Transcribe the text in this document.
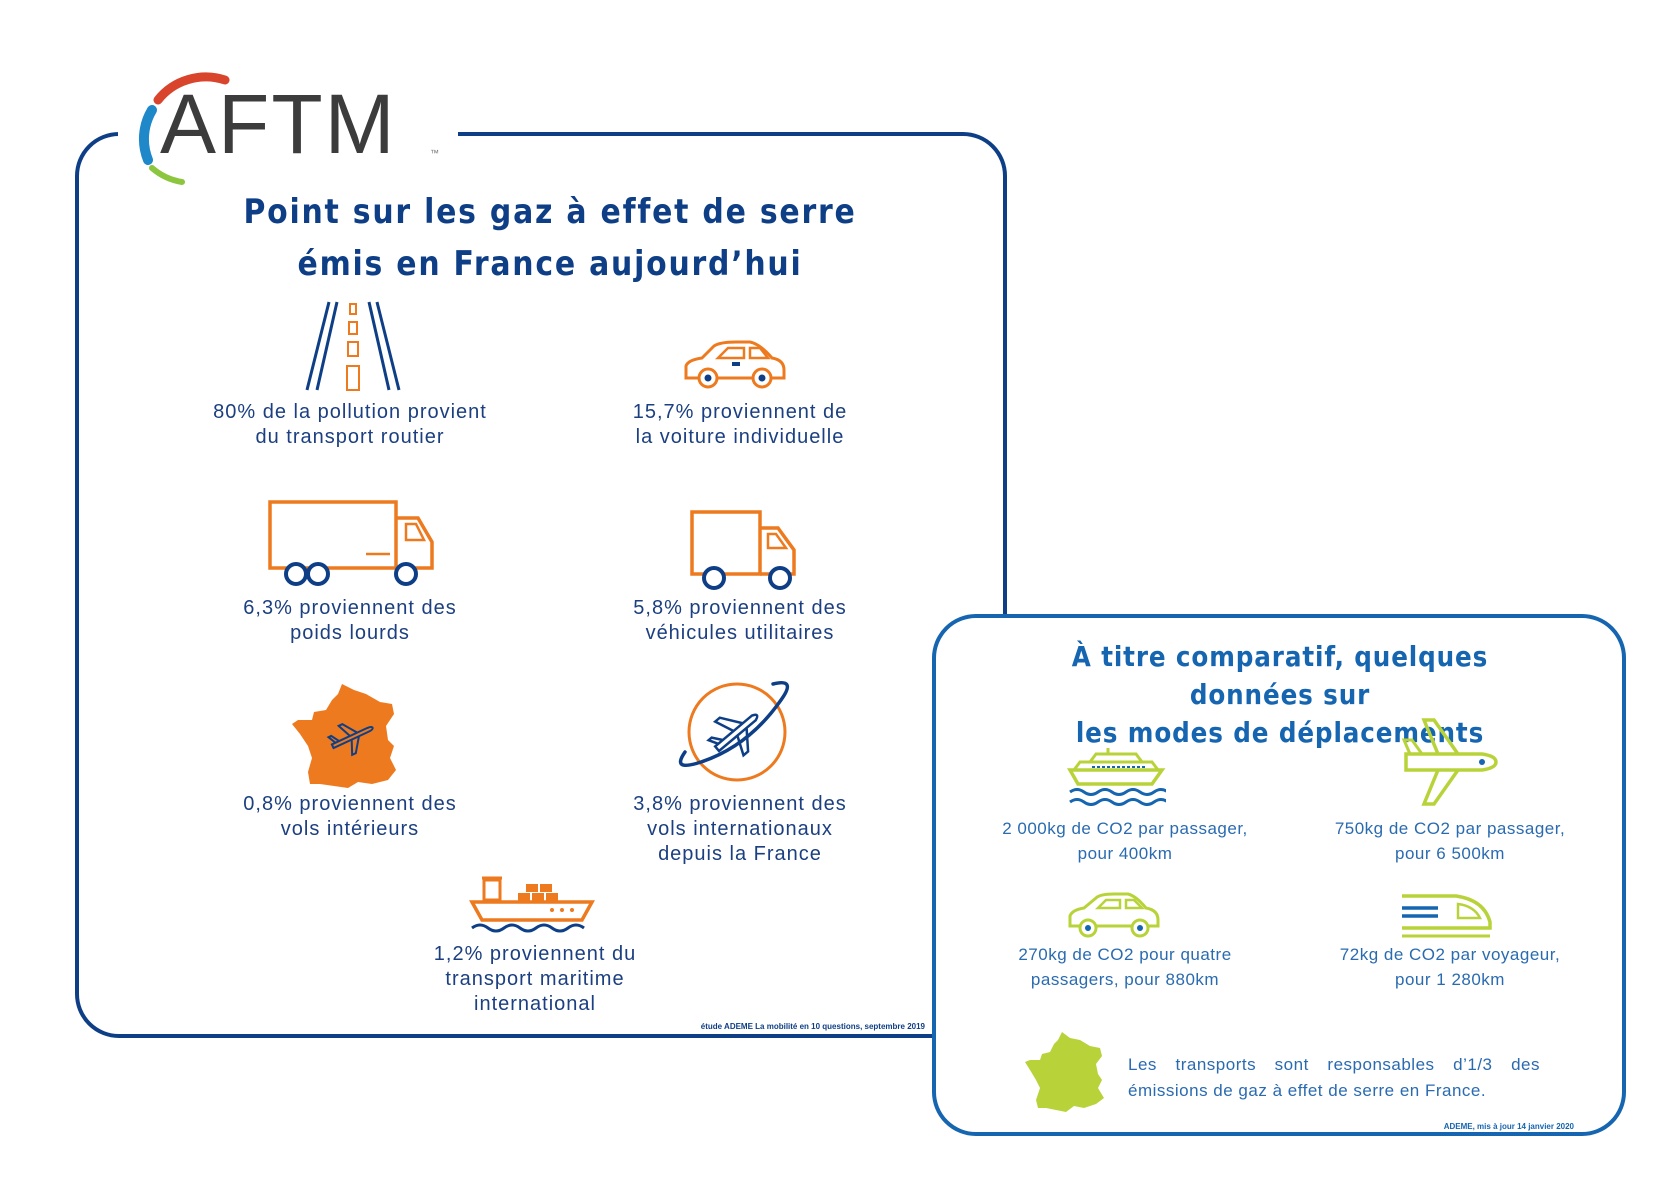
AFTM	™
Point sur les gaz à effet de serre
émis en France aujourd’hui
80% de la pollution provient
du transport routier
15,7% proviennent de
la voiture individuelle
6,3% proviennent des
poids lourds
5,8% proviennent des
véhicules utilitaires
0,8% proviennent des
vols intérieurs
3,8% proviennent des
vols internationaux
depuis la France
1,2% proviennent du
transport maritime
international
étude ADEME La mobilité en 10 questions, septembre 2019
À titre comparatif, quelques données sur
les modes de déplacements
2 000kg de CO2 par passager,
pour 400km
750kg de CO2 par passager,
pour 6 500km
270kg de CO2 pour quatre
passagers, pour 880km
72kg de CO2 par voyageur,
pour 1 280km
Les transports sont responsables d’1/3 des
émissions de gaz à effet de serre en France.
ADEME, mis à jour 14 janvier 2020
